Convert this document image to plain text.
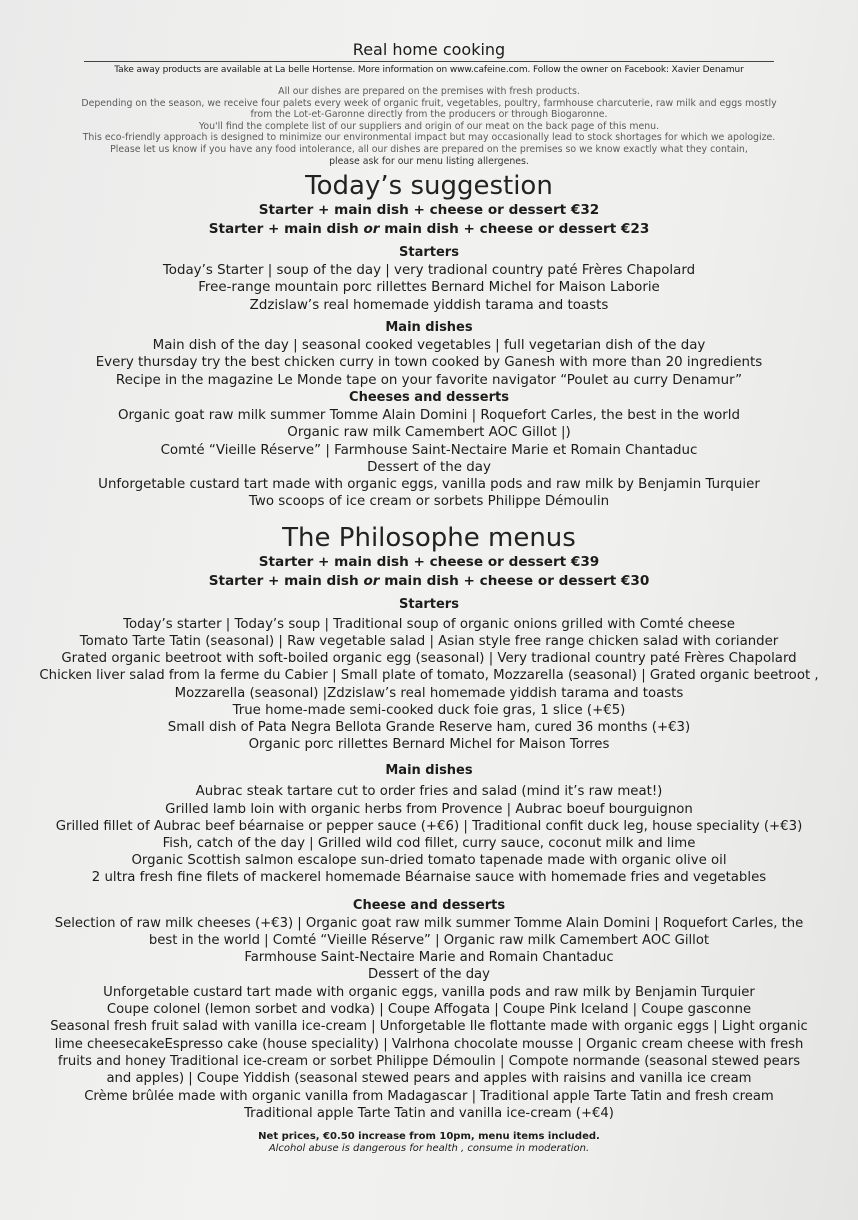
Real home cooking
Take away products are available at La belle Hortense. More information on www.cafeine.com. Follow the owner on Facebook: Xavier Denamur
All our dishes are prepared on the premises with fresh products.
Depending on the season, we receive four palets every week of organic fruit, vegetables, poultry, farmhouse charcuterie, raw milk and eggs mostly
from the Lot-et-Garonne directly from the producers or through Biogaronne.
You'll find the complete list of our suppliers and origin of our meat on the back page of this menu.
This eco-friendly approach is designed to minimize our environmental impact but may occasionally lead to stock shortages for which we apologize.
Please let us know if you have any food intolerance, all our dishes are prepared on the premises so we know exactly what they contain,
please ask for our menu listing allergenes.
Today’s suggestion
Starter + main dish + cheese or dessert €32
Starter + main dish or main dish + cheese or dessert €23
Starters
Today’s Starter | soup of the day | very tradional country paté Frères Chapolard
Free-range mountain porc rillettes Bernard Michel for Maison Laborie
Zdzislaw’s real homemade yiddish tarama and toasts
Main dishes
Main dish of the day | seasonal cooked vegetables | full vegetarian dish of the day
Every thursday try the best chicken curry in town cooked by Ganesh with more than 20 ingredients
Recipe in the magazine Le Monde tape on your favorite navigator “Poulet au curry Denamur”
Cheeses and desserts
Organic goat raw milk summer Tomme Alain Domini | Roquefort Carles, the best in the world
Organic raw milk Camembert AOC Gillot |)
Comté “Vieille Réserve” | Farmhouse Saint-Nectaire Marie et Romain Chantaduc
Dessert of the day
Unforgetable custard tart made with organic eggs, vanilla pods and raw milk by Benjamin Turquier
Two scoops of ice cream or sorbets Philippe Démoulin
The Philosophe menus
Starter + main dish + cheese or dessert €39
Starter + main dish or main dish + cheese or dessert €30
Starters
Today’s starter | Today’s soup | Traditional soup of organic onions grilled with Comté cheese
Tomato Tarte Tatin (seasonal) | Raw vegetable salad | Asian style free range chicken salad with coriander
Grated organic beetroot with soft-boiled organic egg (seasonal) | Very tradional country paté Frères Chapolard
Chicken liver salad from la ferme du Cabier | Small plate of tomato, Mozzarella (seasonal) | Grated organic beetroot ,
Mozzarella (seasonal) |Zdzislaw’s real homemade yiddish tarama and toasts
True home-made semi-cooked duck foie gras, 1 slice (+€5)
Small dish of Pata Negra Bellota Grande Reserve ham, cured 36 months (+€3)
Organic porc rillettes Bernard Michel for Maison Torres
Main dishes
Aubrac steak tartare cut to order fries and salad (mind it’s raw meat!)
Grilled lamb loin with organic herbs from Provence | Aubrac boeuf bourguignon
Grilled fillet of Aubrac beef béarnaise or pepper sauce (+€6) | Traditional confit duck leg, house speciality (+€3)
Fish, catch of the day | Grilled wild cod fillet, curry sauce, coconut milk and lime
Organic Scottish salmon escalope sun-dried tomato tapenade made with organic olive oil
2 ultra fresh fine filets of mackerel homemade Béarnaise sauce with homemade fries and vegetables
Cheese and desserts
Selection of raw milk cheeses (+€3) | Organic goat raw milk summer Tomme Alain Domini | Roquefort Carles, the
best in the world | Comté “Vieille Réserve” | Organic raw milk Camembert AOC Gillot
Farmhouse Saint-Nectaire Marie and Romain Chantaduc
Dessert of the day
Unforgetable custard tart made with organic eggs, vanilla pods and raw milk by Benjamin Turquier
Coupe colonel (lemon sorbet and vodka) | Coupe Affogata | Coupe Pink Iceland | Coupe gasconne
Seasonal fresh fruit salad with vanilla ice-cream | Unforgetable Ile flottante made with organic eggs | Light organic
lime cheesecakeEspresso cake (house speciality) | Valrhona chocolate mousse | Organic cream cheese with fresh
fruits and honey Traditional ice-cream or sorbet Philippe Démoulin | Compote normande (seasonal stewed pears
and apples) | Coupe Yiddish (seasonal stewed pears and apples with raisins and vanilla ice cream
Crème brûlée made with organic vanilla from Madagascar | Traditional apple Tarte Tatin and fresh cream
Traditional apple Tarte Tatin and vanilla ice-cream (+€4)
Net prices, €0.50 increase from 10pm, menu items included.
Alcohol abuse is dangerous for health , consume in moderation.
